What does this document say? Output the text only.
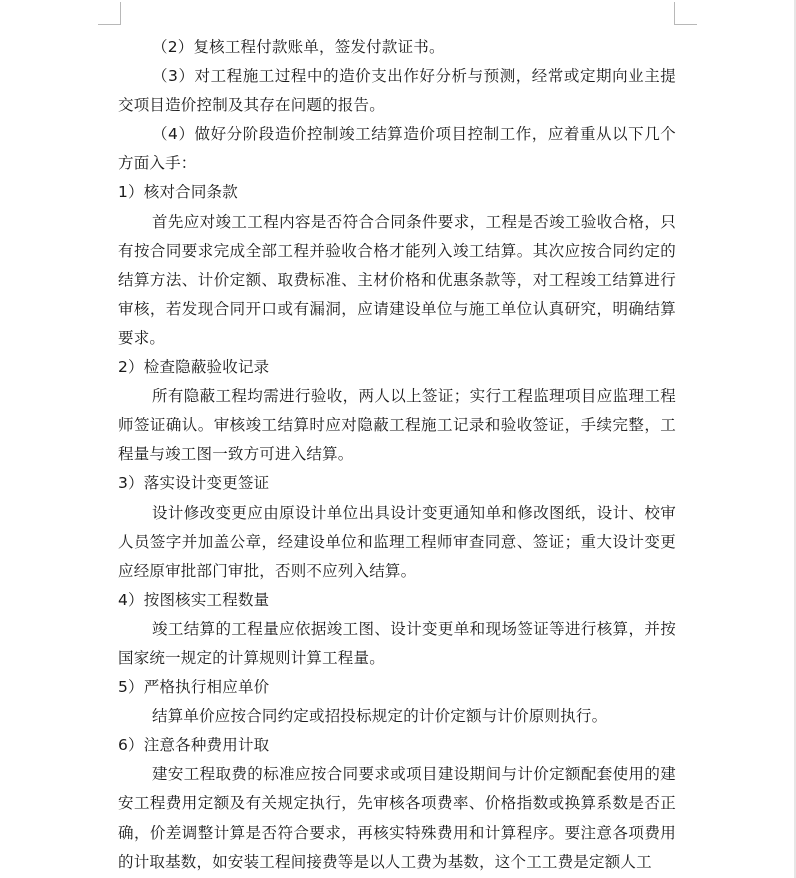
（2）复核工程付款账单，签发付款证书。

（3）对工程施工过程中的造价支出作好分析与预测，经常或定期向业主提交项目造价控制及其存在问题的报告。

（4）做好分阶段造价控制竣工结算造价项目控制工作，应着重从以下几个方面入手：

1）核对合同条款

首先应对竣工工程内容是否符合合同条件要求，工程是否竣工验收合格，只有按合同要求完成全部工程并验收合格才能列入竣工结算。其次应按合同约定的结算方法、计价定额、取费标准、主材价格和优惠条款等，对工程竣工结算进行审核，若发现合同开口或有漏洞，应请建设单位与施工单位认真研究，明确结算要求。

2）检查隐蔽验收记录

所有隐蔽工程均需进行验收，两人以上签证；实行工程监理项目应监理工程师签证确认。审核竣工结算时应对隐蔽工程施工记录和验收签证，手续完整，工程量与竣工图一致方可进入结算。

3）落实设计变更签证

设计修改变更应由原设计单位出具设计变更通知单和修改图纸，设计、校审人员签字并加盖公章，经建设单位和监理工程师审查同意、签证；重大设计变更应经原审批部门审批，否则不应列入结算。

4）按图核实工程数量

竣工结算的工程量应依据竣工图、设计变更单和现场签证等进行核算，并按国家统一规定的计算规则计算工程量。

5）严格执行相应单价

结算单价应按合同约定或招投标规定的计价定额与计价原则执行。

6）注意各种费用计取

建安工程取费的标准应按合同要求或项目建设期间与计价定额配套使用的建安工程费用定额及有关规定执行，先审核各项费率、价格指数或换算系数是否正确，价差调整计算是否符合要求，再核实特殊费用和计算程序。要注意各项费用的计取基数，如安装工程间接费等是以人工费为基数，这个工工费是定额人工
